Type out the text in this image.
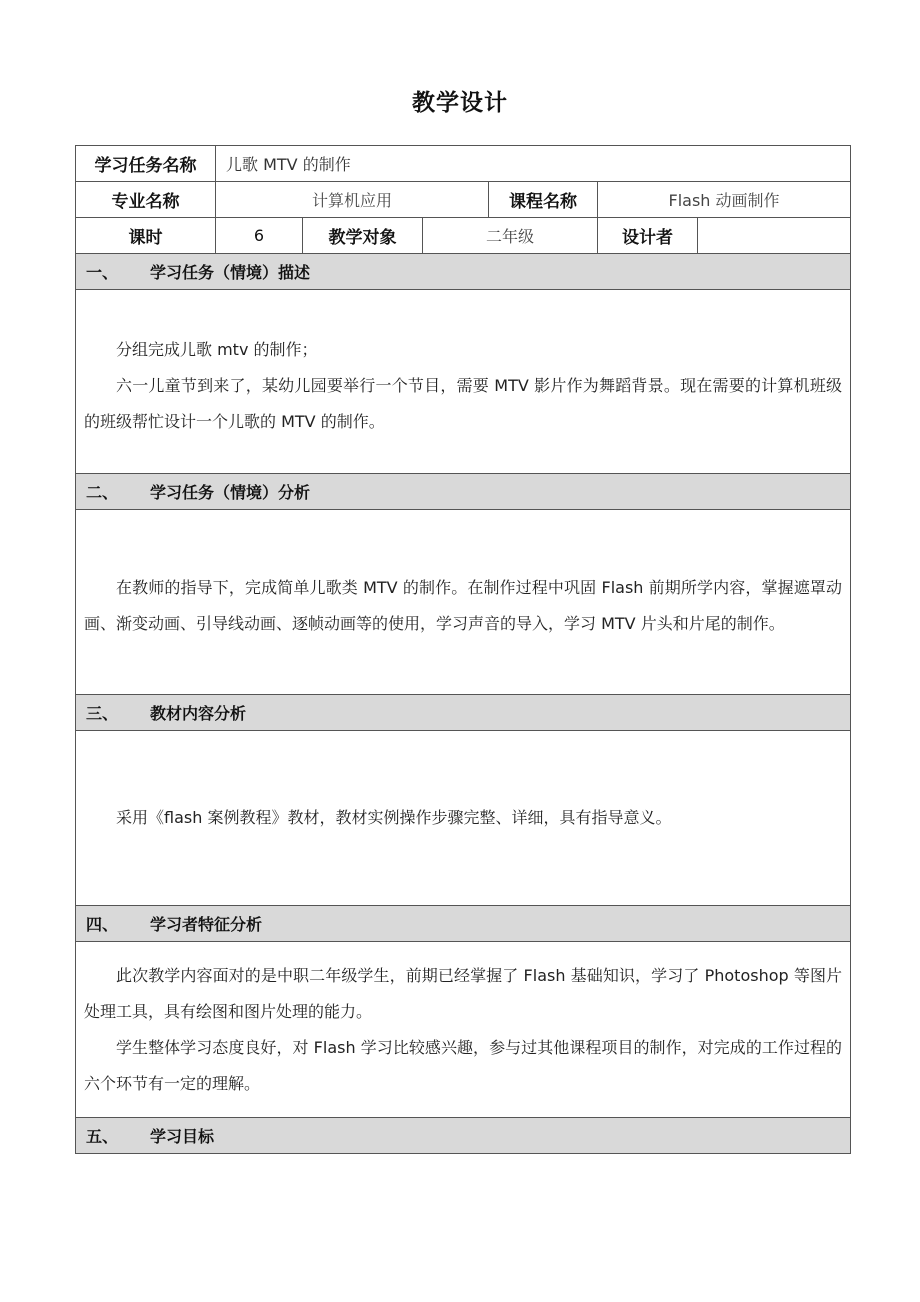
教学设计
学习任务名称	儿歌 MTV 的制作					
专业名称	计算机应用			课程名称	Flash 动画制作	
课时	6	教学对象	二年级		设计者	
一、 学习任务（情境）描述						

分组完成儿歌 mtv 的制作；

六一儿童节到来了，某幼儿园要举行一个节目，需要 MTV 影片作为舞蹈背景。现在需要的计算机班级的班级帮忙设计一个儿歌的 MTV 的制作。						

二、 学习任务（情境）分析						

在教师的指导下，完成简单儿歌类 MTV 的制作。在制作过程中巩固 Flash 前期所学内容，掌握遮罩动画、渐变动画、引导线动画、逐帧动画等的使用，学习声音的导入，学习 MTV 片头和片尾的制作。						

三、 教材内容分析						

采用《flash 案例教程》教材，教材实例操作步骤完整、详细，具有指导意义。						

四、 学习者特征分析						

此次教学内容面对的是中职二年级学生，前期已经掌握了 Flash 基础知识，学习了 Photoshop 等图片处理工具，具有绘图和图片处理的能力。

学生整体学习态度良好，对 Flash 学习比较感兴趣，参与过其他课程项目的制作，对完成的工作过程的六个环节有一定的理解。						

五、 学习目标						
